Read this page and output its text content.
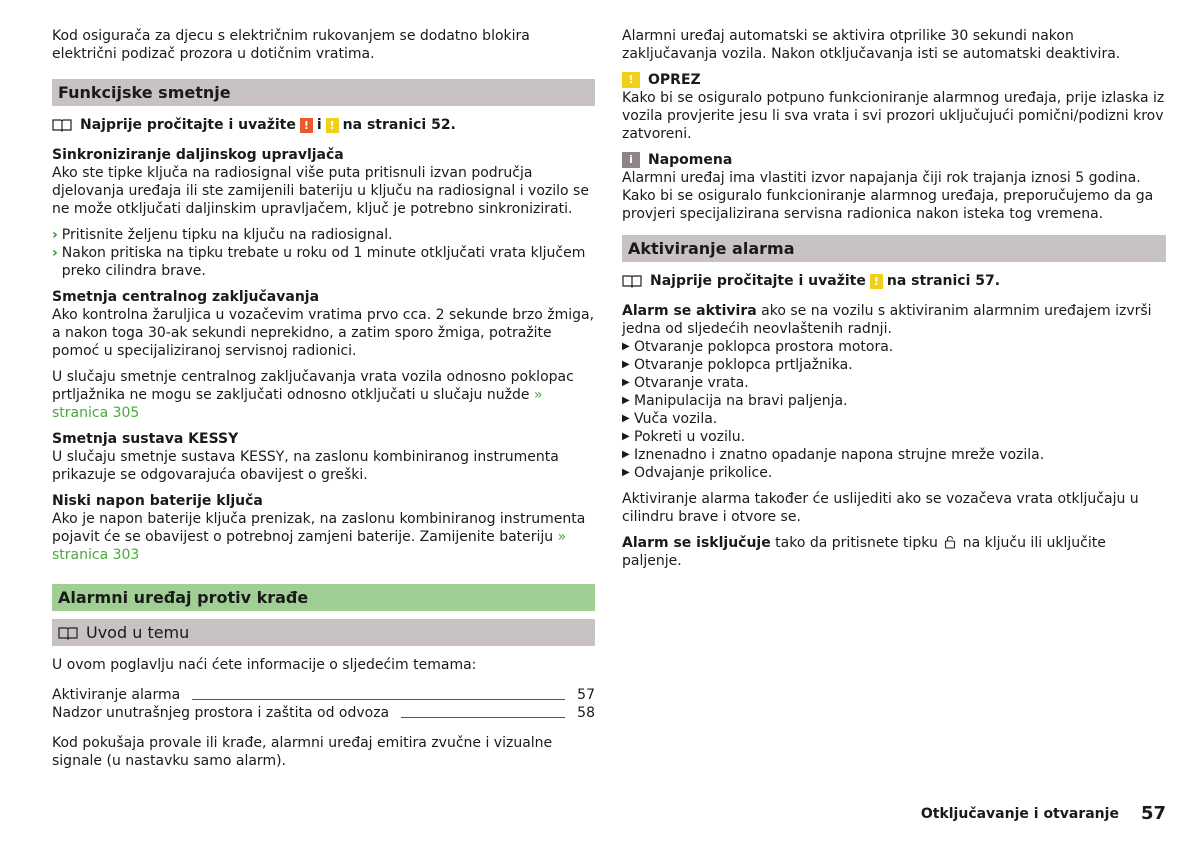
Kod osigurača za djecu s električnim rukovanjem se dodatno blokira električni podizač prozora u dotičnim vratima.

Funkcijske smetnje
Najprije pročitajte i uvažite ! i ! na stranici 52.
Sinkroniziranje daljinskog upravljača

Ako ste tipke ključa na radiosignal više puta pritisnuli izvan područja djelovanja uređaja ili ste zamijenili bateriju u ključu na radiosignal i vozilo se ne može otključati daljinskim upravljačem, ključ je potrebno sinkronizirati.

› Pritisnite željenu tipku na ključu na radiosignal.
› Nakon pritiska na tipku trebate u roku od 1 minute otključati vrata ključem preko cilindra brave.
Smetnja centralnog zaključavanja

Ako kontrolna žaruljica u vozačevim vratima prvo cca. 2 sekunde brzo žmiga, a nakon toga 30-ak sekundi neprekidno, a zatim sporo žmiga, potražite pomoć u specijaliziranoj servisnoj radionici.

U slučaju smetnje centralnog zaključavanja vrata vozila odnosno poklopac prtljažnika ne mogu se zaključati odnosno otključati u slučaju nužde » stranica 305

Smetnja sustava KESSY

U slučaju smetnje sustava KESSY, na zaslonu kombiniranog instrumenta prikazuje se odgovarajuća obavijest o greški.

Niski napon baterije ključa

Ako je napon baterije ključa prenizak, na zaslonu kombiniranog instrumenta pojavit će se obavijest o potrebnoj zamjeni baterije. Zamijenite bateriju » stranica 303

Alarmni uređaj protiv krađe
Uvod u temu

U ovom poglavlju naći ćete informacije o sljedećim temama:

Aktiviranje alarma	57
Nadzor unutrašnjeg prostora i zaštita od odvoza	58

Kod pokušaja provale ili krađe, alarmni uređaj emitira zvučne i vizualne signale (u nastavku samo alarm).

Alarmni uređaj automatski se aktivira otprilike 30 sekundi nakon zaključavanja vozila. Nakon otključavanja isti se automatski deaktivira.

!	OPREZ

Kako bi se osiguralo potpuno funkcioniranje alarmnog uređaja, prije izlaska iz vozila provjerite jesu li sva vrata i svi prozori uključujući pomični/podizni krov zatvoreni.

i	Napomena

Alarmni uređaj ima vlastiti izvor napajanja čiji rok trajanja iznosi 5 godina. Kako bi se osiguralo funkcioniranje alarmnog uređaja, preporučujemo da ga provjeri specijalizirana servisna radionica nakon isteka tog vremena.

Aktiviranje alarma
Najprije pročitajte i uvažite ! na stranici 57.

Alarm se aktivira ako se na vozilu s aktiviranim alarmnim uređajem izvrši jedna od sljedećih neovlaštenih radnji.

▶ Otvaranje poklopca prostora motora.
▶ Otvaranje poklopca prtljažnika.
▶ Otvaranje vrata.
▶ Manipulacija na bravi paljenja.
▶ Vuča vozila.
▶ Pokreti u vozilu.
▶ Iznenadno i znatno opadanje napona strujne mreže vozila.
▶ Odvajanje prikolice.

Aktiviranje alarma također će uslijediti ako se vozačeva vrata otključaju u cilindru brave i otvore se.

Alarm se isključuje tako da pritisnete tipku na ključu ili uključite paljenje.

Otključavanje i otvaranje 57
